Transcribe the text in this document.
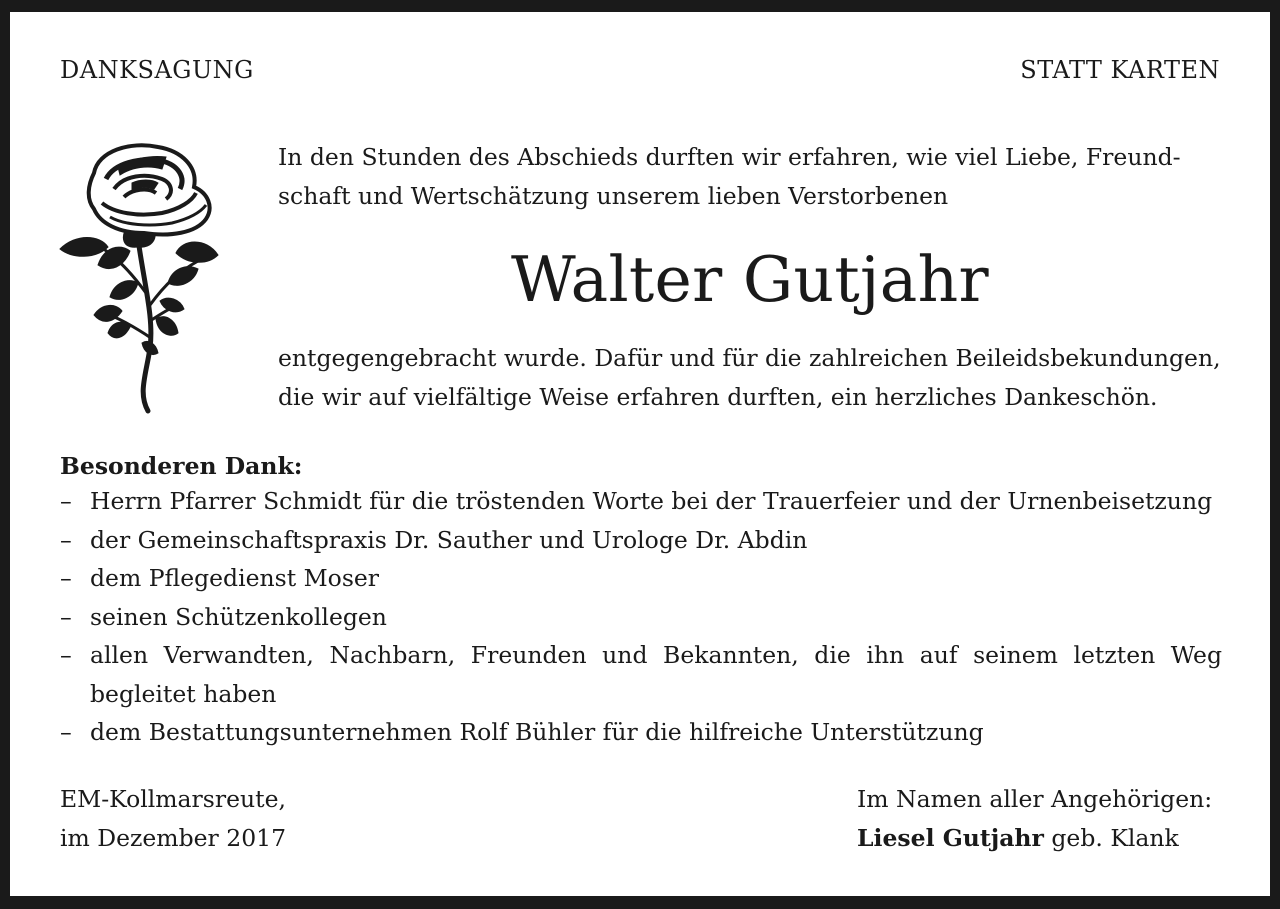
DANKSAGUNG	STATT KARTEN
In den Stunden des Abschieds durften wir erfahren, wie viel Liebe, Freund-
schaft und Wertschätzung unserem lieben Verstorbenen
Walter Gutjahr
entgegengebracht wurde. Dafür und für die zahlreichen Beileidsbekundungen,
die wir auf vielfältige Weise erfahren durften, ein herzliches Dankeschön.
Besonderen Dank:
– Herrn Pfarrer Schmidt für die tröstenden Worte bei der Trauerfeier und der Urnenbeisetzung
– der Gemeinschaftspraxis Dr. Sauther und Urologe Dr. Abdin
– dem Pflegedienst Moser
– seinen Schützenkollegen
– allen Verwandten, Nachbarn, Freunden und Bekannten, die ihn auf seinem letzten Weg begleitet haben
– dem Bestattungsunternehmen Rolf Bühler für die hilfreiche Unterstützung
EM-Kollmarsreute,
im Dezember 2017
Im Namen aller Angehörigen:
Liesel Gutjahr geb. Klank
